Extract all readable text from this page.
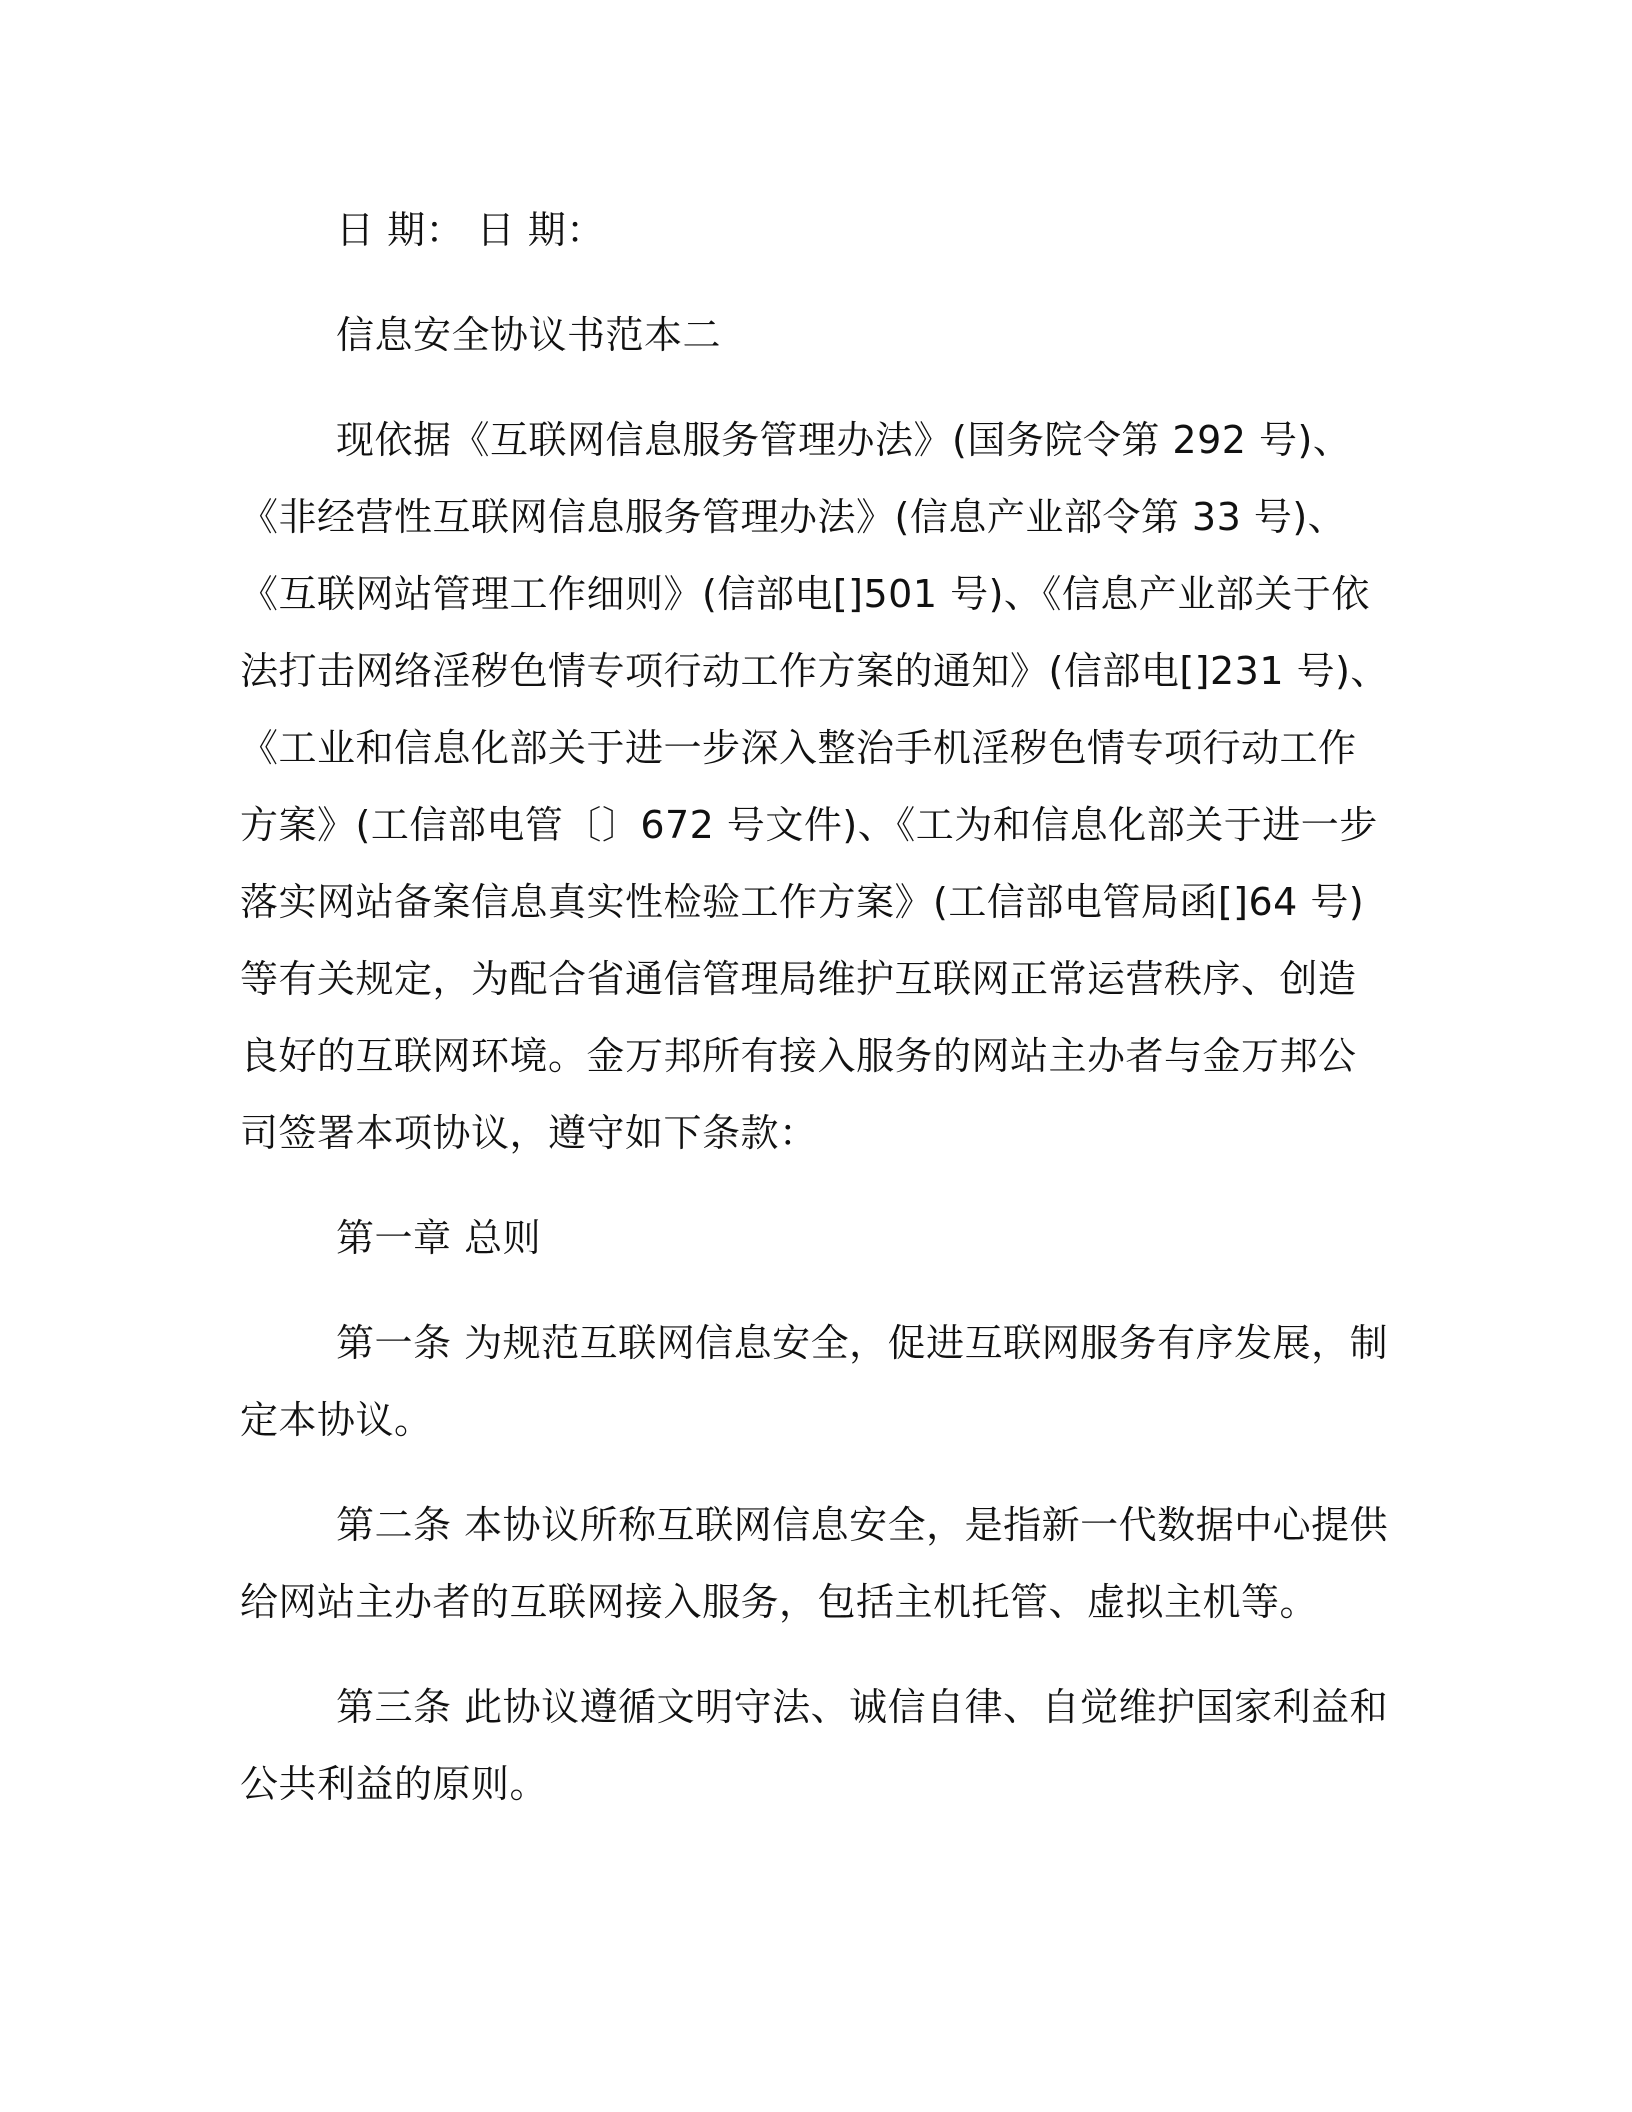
日 期： 日 期：

信息安全协议书范本二

现依据《互联网信息服务管理办法》(国务院令第 292 号)、《非经营性互联网信息服务管理办法》(信息产业部令第 33 号)、《互联网站管理工作细则》(信部电[]501 号)、《信息产业部关于依法打击网络淫秽色情专项行动工作方案的通知》(信部电[]231 号)、《工业和信息化部关于进一步深入整治手机淫秽色情专项行动工作方案》(工信部电管〔〕672 号文件)、《工为和信息化部关于进一步落实网站备案信息真实性检验工作方案》(工信部电管局函[]64 号)等有关规定，为配合省通信管理局维护互联网正常运营秩序、创造良好的互联网环境。金万邦所有接入服务的网站主办者与金万邦公司签署本项协议，遵守如下条款：

第一章 总则

第一条 为规范互联网信息安全，促进互联网服务有序发展，制定本协议。

第二条 本协议所称互联网信息安全，是指新一代数据中心提供给网站主办者的互联网接入服务，包括主机托管、虚拟主机等。

第三条 此协议遵循文明守法、诚信自律、自觉维护国家利益和公共利益的原则。
